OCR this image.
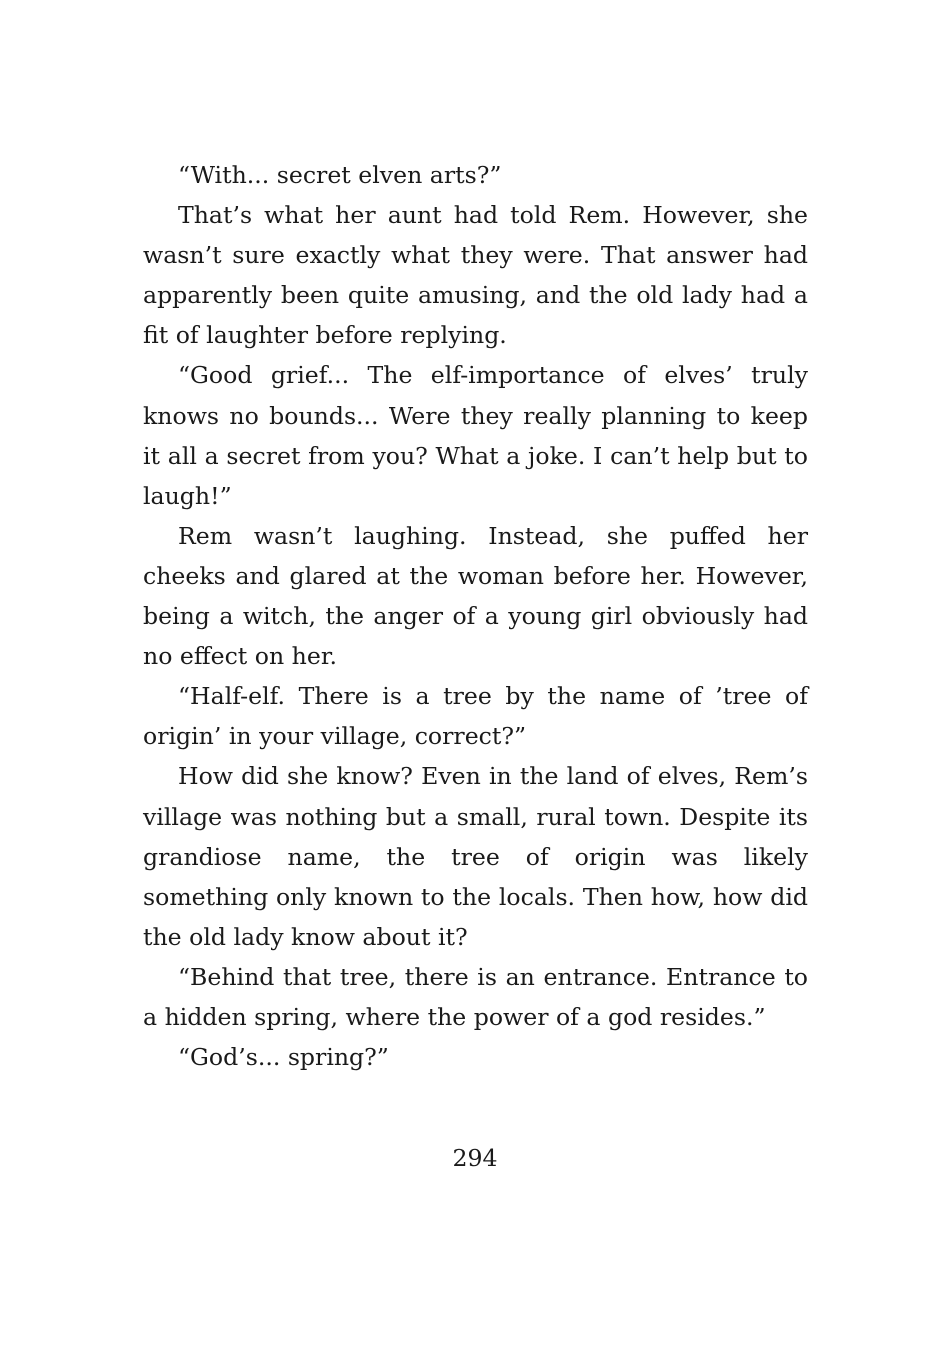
“With... secret elven arts?”

That’s what her aunt had told Rem. However, she wasn’t sure exactly what they were. That answer had apparently been quite amusing, and the old lady had a fit of laughter before replying.

“Good grief... The elf-importance of elves’ truly knows no bounds... Were they really planning to keep it all a secret from you? What a joke. I can’t help but to laugh!”

Rem wasn’t laughing. Instead, she puffed her cheeks and glared at the woman before her. However, being a witch, the anger of a young girl obviously had no effect on her.

“Half-elf. There is a tree by the name of ’tree of origin’ in your village, correct?”

How did she know? Even in the land of elves, Rem’s village was nothing but a small, rural town. Despite its grandiose name, the tree of origin was likely something only known to the locals. Then how, how did the old lady know about it?

“Behind that tree, there is an entrance. Entrance to a hidden spring, where the power of a god resides.”

“God’s... spring?”

294
